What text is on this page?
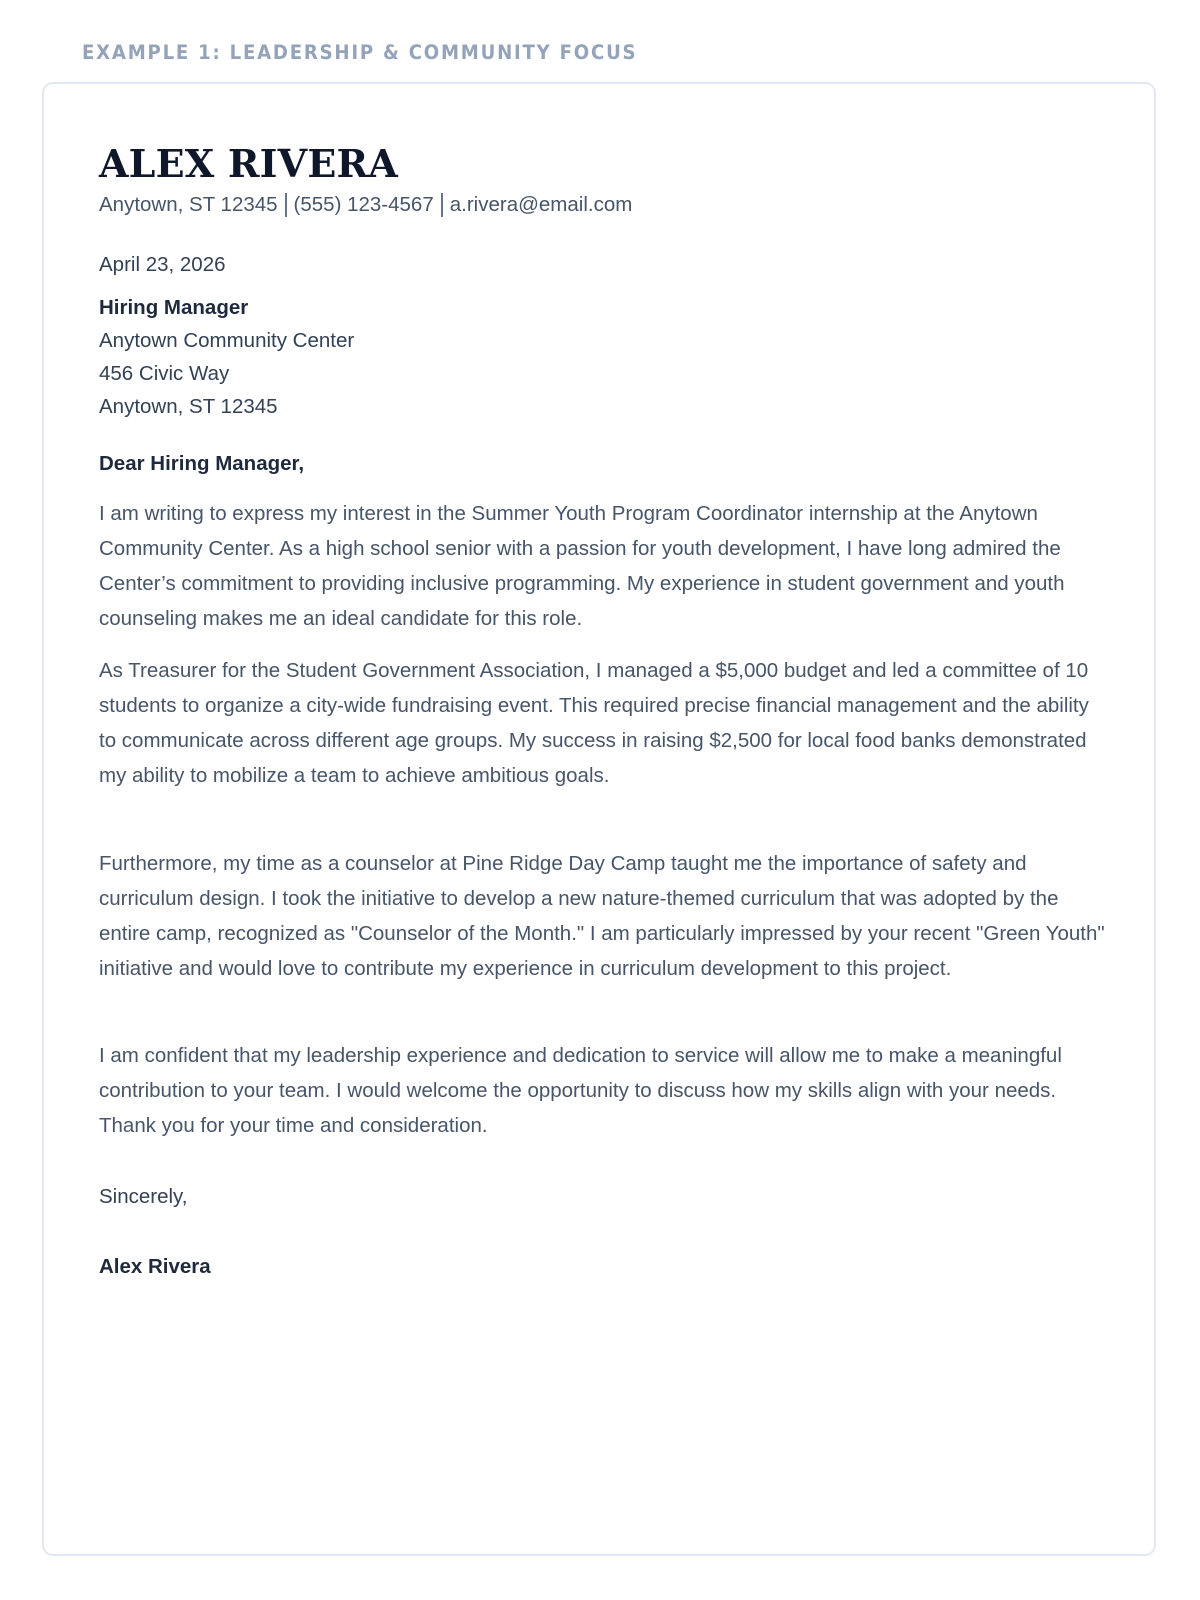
EXAMPLE 1: LEADERSHIP & COMMUNITY FOCUS
ALEX RIVERA
Anytown, ST 12345 (555) 123-4567 a.rivera@email.com
April 23, 2026
Hiring Manager
Anytown Community Center
456 Civic Way
Anytown, ST 12345
Dear Hiring Manager,

I am writing to express my interest in the Summer Youth Program Coordinator internship at the Anytown Community Center. As a high school senior with a passion for youth development, I have long admired the Center’s commitment to providing inclusive programming. My experience in student government and youth counseling makes me an ideal candidate for this role.

As Treasurer for the Student Government Association, I managed a $5,000 budget and led a committee of 10 students to organize a city-wide fundraising event. This required precise financial management and the ability to communicate across different age groups. My success in raising $2,500 for local food banks demonstrated my ability to mobilize a team to achieve ambitious goals.

Furthermore, my time as a counselor at Pine Ridge Day Camp taught me the importance of safety and curriculum design. I took the initiative to develop a new nature-themed curriculum that was adopted by the entire camp, recognized as "Counselor of the Month." I am particularly impressed by your recent "Green Youth" initiative and would love to contribute my experience in curriculum development to this project.

I am confident that my leadership experience and dedication to service will allow me to make a meaningful contribution to your team. I would welcome the opportunity to discuss how my skills align with your needs. Thank you for your time and consideration.

Sincerely,
Alex Rivera
